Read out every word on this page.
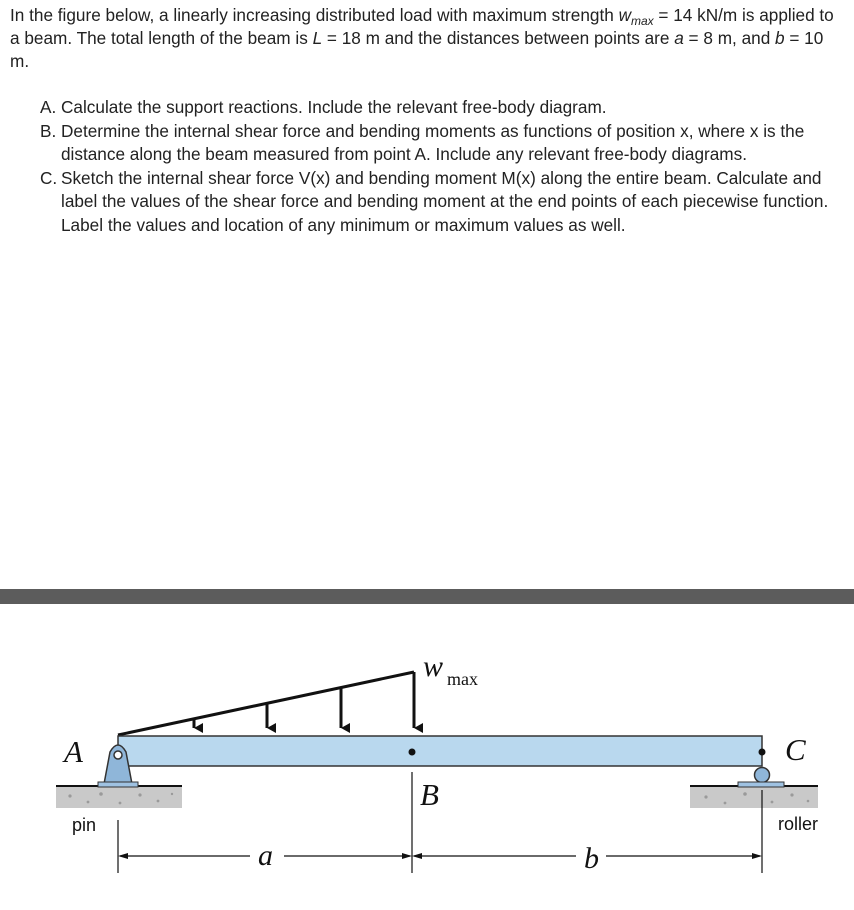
In the figure below, a linearly increasing distributed load with maximum strength $w_{max} = 14$ kN/m is applied to a beam. The total length of the beam is L = 18 m and the distances between points are a = 8 m, and b = 10 m.

A. Calculate the support reactions. Include the relevant free-body diagram.
B. Determine the internal shear force and bending moments as functions of position x, where x is the distance along the beam measured from point A. Include any relevant free-body diagrams.
C. Sketch the internal shear force V(x) and bending moment M(x) along the entire beam. Calculate and label the values of the shear force and bending moment at the end points of each piecewise function. Label the values and location of any minimum or maximum values as well.
A
B
C
w max
pin	roller
a	b
